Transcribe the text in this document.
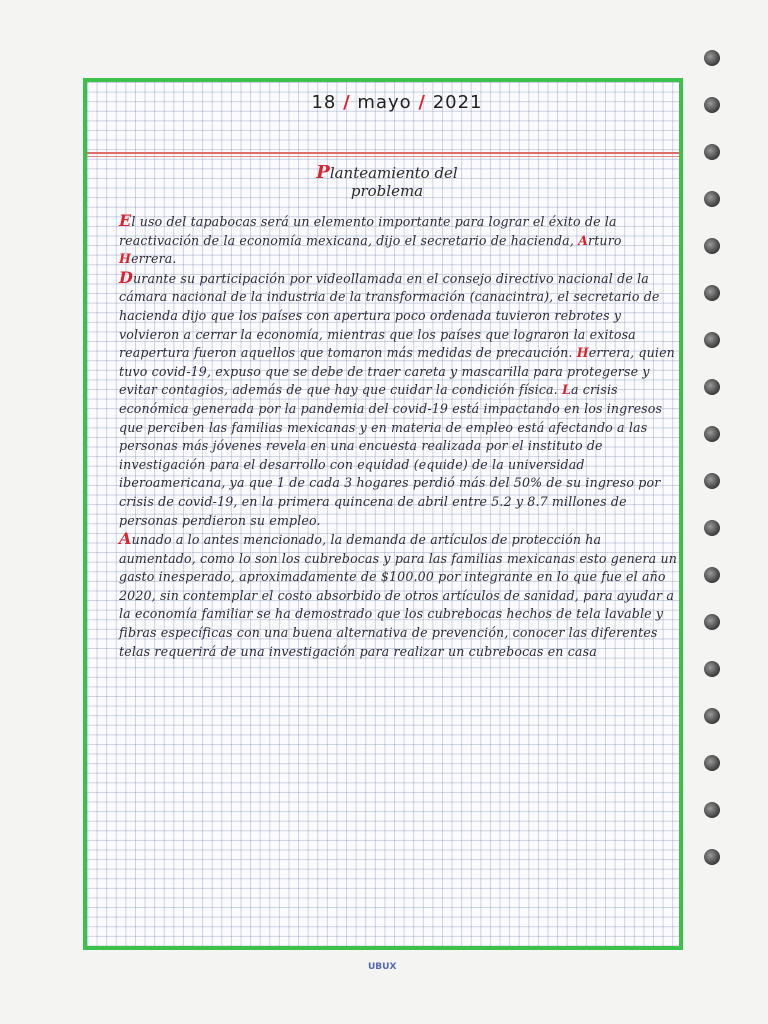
18 / mayo / 2021
Planteamiento del
problema

El uso del tapabocas será un elemento importante para lograr el éxito de la reactivación de la economía mexicana, dijo el secretario de hacienda, Arturo Herrera.

Durante su participación por videollamada en el consejo directivo nacional de la cámara nacional de la industria de la transformación (canacintra), el secretario de hacienda dijo que los países con apertura poco ordenada tuvieron rebrotes y volvieron a cerrar la economía, mientras que los países que lograron la exitosa reapertura fueron aquellos que tomaron más medidas de precaución. Herrera, quien tuvo covid-19, expuso que se debe de traer careta y mascarilla para protegerse y evitar contagios, además de que hay que cuidar la condición física. La crisis económica generada por la pandemia del covid-19 está impactando en los ingresos que perciben las familias mexicanas y en materia de empleo está afectando a las personas más jóvenes revela en una encuesta realizada por el instituto de investigación para el desarrollo con equidad (equide) de la universidad iberoamericana, ya que 1 de cada 3 hogares perdió más del 50% de su ingreso por crisis de covid-19, en la primera quincena de abril entre 5.2 y 8.7 millones de personas perdieron su empleo.

Aunado a lo antes mencionado, la demanda de artículos de protección ha aumentado, como lo son los cubrebocas y para las familias mexicanas esto genera un gasto inesperado, aproximadamente de $100.00 por integrante en lo que fue el año 2020, sin contemplar el costo absorbido de otros artículos de sanidad, para ayudar a la economía familiar se ha demostrado que los cubrebocas hechos de tela lavable y fibras específicas con una buena alternativa de prevención, conocer las diferentes telas requerirá de una investigación para realizar un cubrebocas en casa

UBUX
